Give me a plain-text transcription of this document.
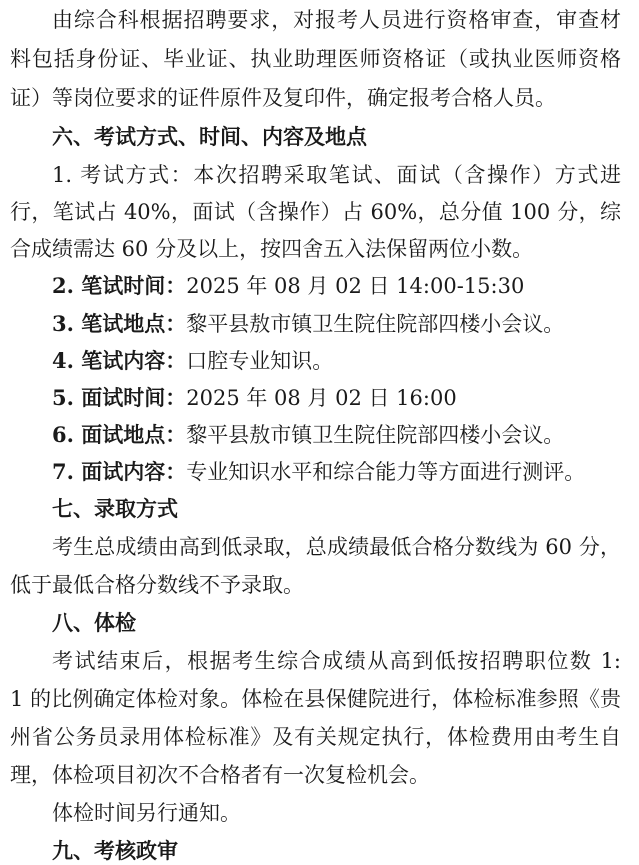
由综合科根据招聘要求，对报考人员进行资格审查，审查材
料包括身份证、毕业证、执业助理医师资格证（或执业医师资格
证）等岗位要求的证件原件及复印件，确定报考合格人员。
六、考试方式、时间、内容及地点
1. 考试方式：本次招聘采取笔试、面试（含操作）方式进
行，笔试占 40%，面试（含操作）占 60%，总分值 100 分，综
合成绩需达 60 分及以上，按四舍五入法保留两位小数。
2. 笔试时间：2025 年 08 月 02 日 14:00-15:30
3. 笔试地点：黎平县敖市镇卫生院住院部四楼小会议。
4. 笔试内容：口腔专业知识。
5. 面试时间：2025 年 08 月 02 日 16:00
6. 面试地点：黎平县敖市镇卫生院住院部四楼小会议。
7. 面试内容：专业知识水平和综合能力等方面进行测评。
七、录取方式
考生总成绩由高到低录取，总成绩最低合格分数线为 60 分，
低于最低合格分数线不予录取。
八、体检
考试结束后，根据考生综合成绩从高到低按招聘职位数 1:
1 的比例确定体检对象。体检在县保健院进行，体检标准参照《贵
州省公务员录用体检标准》及有关规定执行，体检费用由考生自
理，体检项目初次不合格者有一次复检机会。
体检时间另行通知。
九、考核政审
